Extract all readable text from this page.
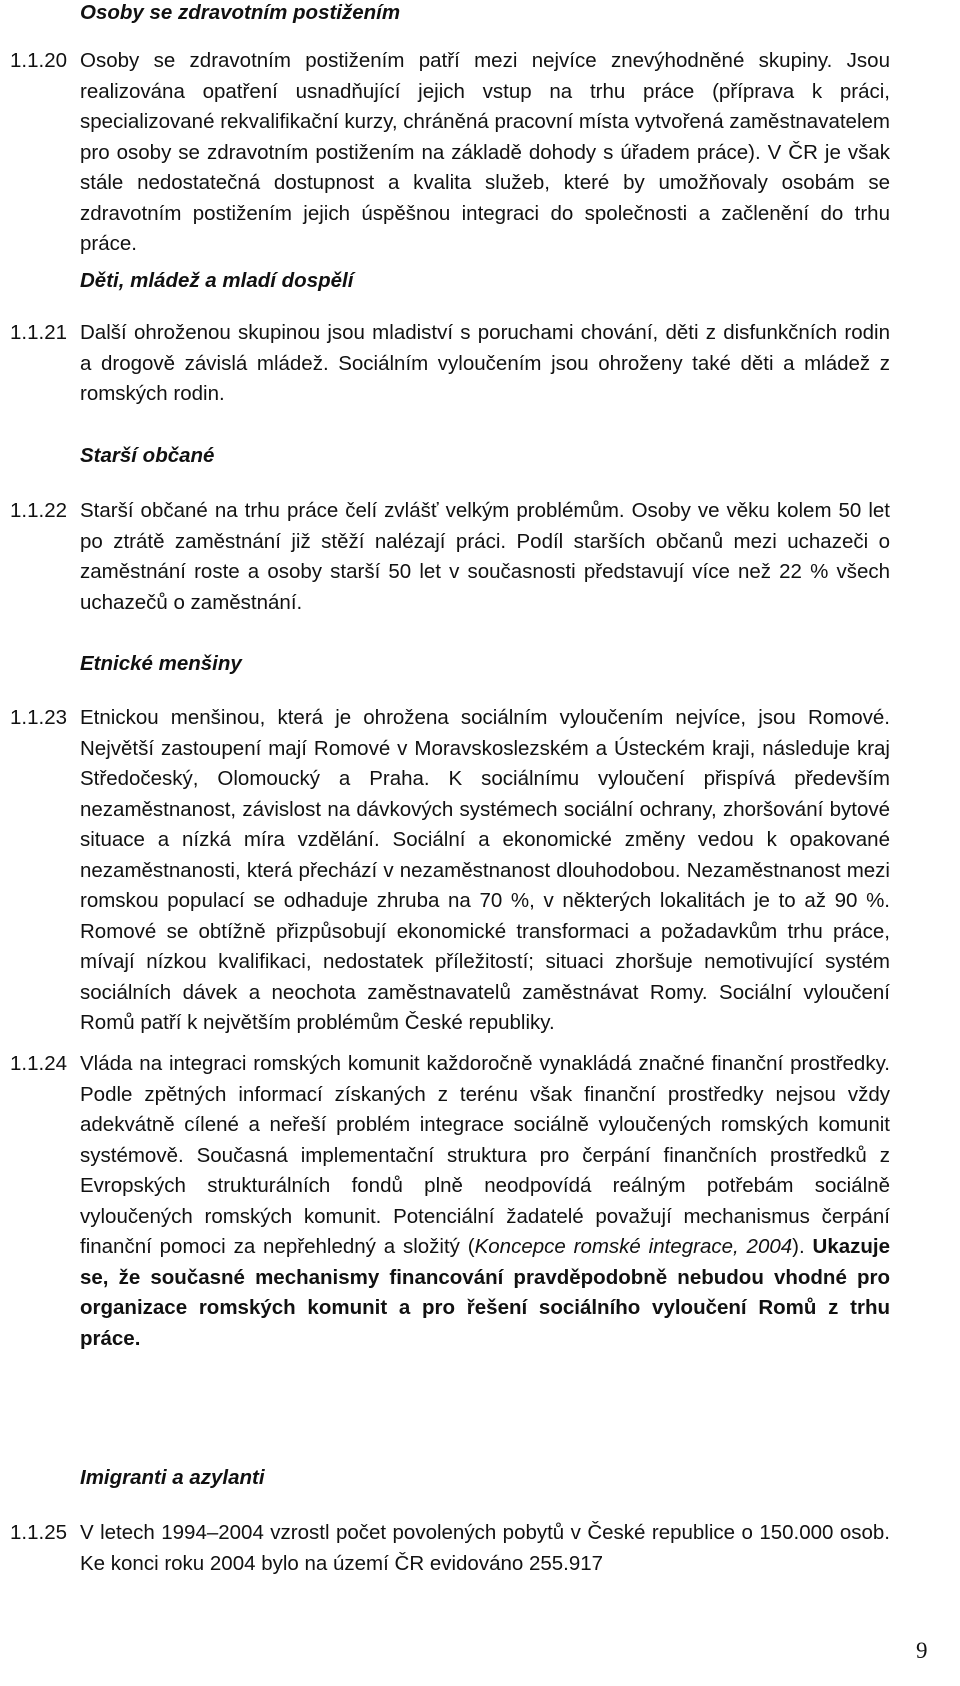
Osoby se zdravotním postižením
1.1.20 Osoby se zdravotním postižením patří mezi nejvíce znevýhodněné skupiny. Jsou realizována opatření usnadňující jejich vstup na trhu práce (příprava k práci, specializované rekvalifikační kurzy, chráněná pracovní místa vytvořená zaměstnavatelem pro osoby se zdravotním postižením na základě dohody s úřadem práce). V ČR je však stále nedostatečná dostupnost a kvalita služeb, které by umožňovaly osobám se zdravotním postižením jejich úspěšnou integraci do společnosti a začlenění do trhu práce.
Děti, mládež a mladí dospělí
1.1.21 Další ohroženou skupinou jsou mladiství s poruchami chování, děti z disfunkčních rodin a drogově závislá mládež. Sociálním vyloučením jsou ohroženy také děti a mládež z romských rodin.
Starší občané
1.1.22 Starší občané na trhu práce čelí zvlášť velkým problémům. Osoby ve věku kolem 50 let po ztrátě zaměstnání již stěží nalézají práci. Podíl starších občanů mezi uchazeči o zaměstnání roste a osoby starší 50 let v současnosti představují více než 22 % všech uchazečů o zaměstnání.
Etnické menšiny
1.1.23 Etnickou menšinou, která je ohrožena sociálním vyloučením nejvíce, jsou Romové. Největší zastoupení mají Romové v Moravskoslezském a Ústeckém kraji, následuje kraj Středočeský, Olomoucký a Praha. K sociálnímu vyloučení přispívá především nezaměstnanost, závislost na dávkových systémech sociální ochrany, zhoršování bytové situace a nízká míra vzdělání. Sociální a ekonomické změny vedou k opakované nezaměstnanosti, která přechází v nezaměstnanost dlouhodobou. Nezaměstnanost mezi romskou populací se odhaduje zhruba na 70 %, v některých lokalitách je to až 90 %. Romové se obtížně přizpůsobují ekonomické transformaci a požadavkům trhu práce, mívají nízkou kvalifikaci, nedostatek příležitostí; situaci zhoršuje nemotivující systém sociálních dávek a neochota zaměstnavatelů zaměstnávat Romy. Sociální vyloučení Romů patří k největším problémům České republiky.
1.1.24 Vláda na integraci romských komunit každoročně vynakládá značné finanční prostředky. Podle zpětných informací získaných z terénu však finanční prostředky nejsou vždy adekvátně cílené a neřeší problém integrace sociálně vyloučených romských komunit systémově. Současná implementační struktura pro čerpání finančních prostředků z Evropských strukturálních fondů plně neodpovídá reálným potřebám sociálně vyloučených romských komunit. Potenciální žadatelé považují mechanismus čerpání finanční pomoci za nepřehledný a složitý (Koncepce romské integrace, 2004). Ukazuje se, že současné mechanismy financování pravděpodobně nebudou vhodné pro organizace romských komunit a pro řešení sociálního vyloučení Romů z trhu práce.
Imigranti a azylanti
1.1.25 V letech 1994–2004 vzrostl počet povolených pobytů v České republice o 150.000 osob. Ke konci roku 2004 bylo na území ČR evidováno 255.917
9
